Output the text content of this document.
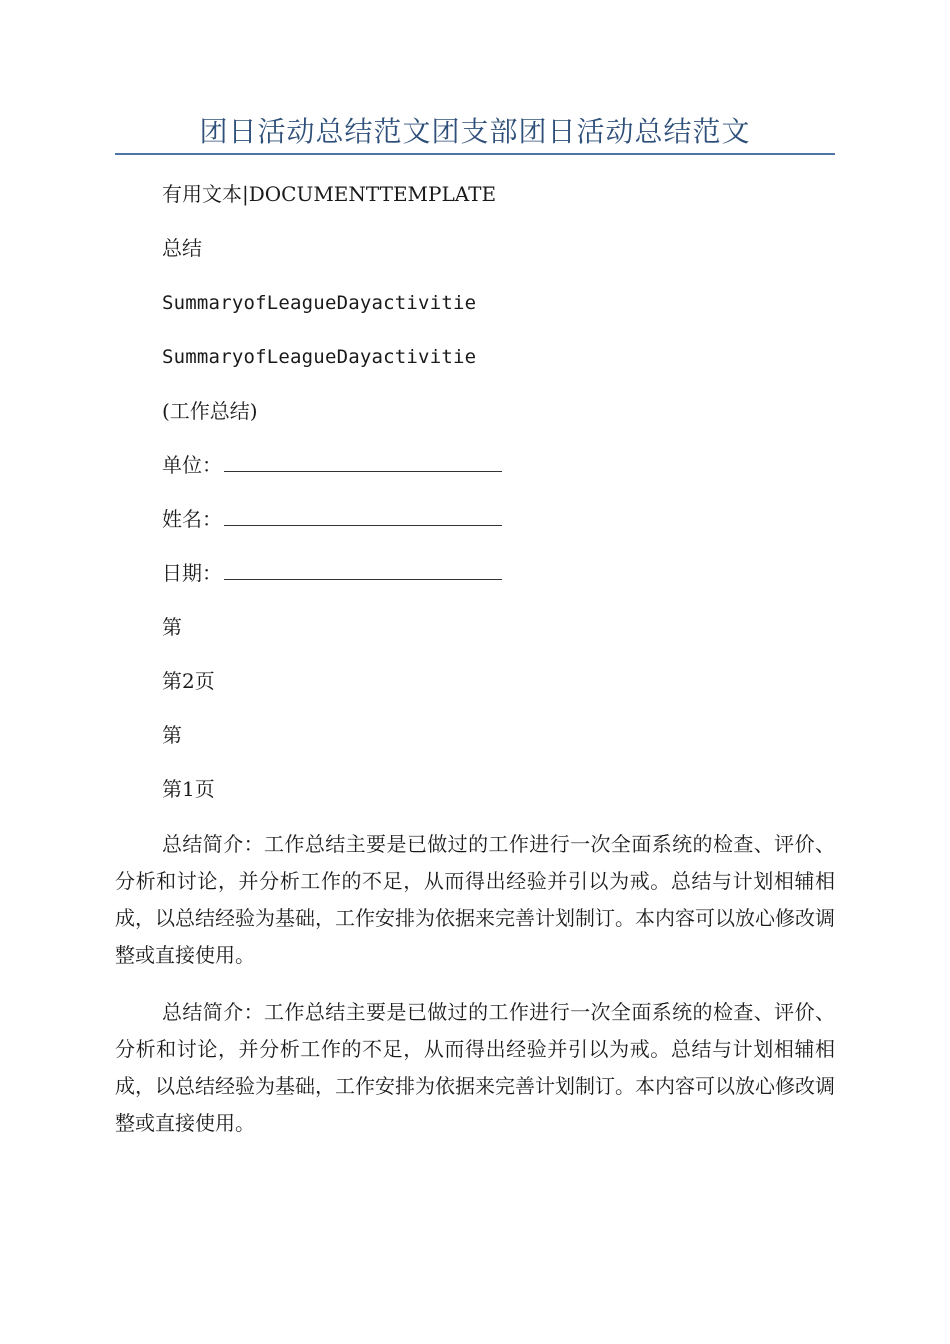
团日活动总结范文团支部团日活动总结范文
有用文本|DOCUMENTTEMPLATE
总结
SummaryofLeagueDayactivitie
SummaryofLeagueDayactivitie
(工作总结)
单位：
姓名：
日期：
第
第2页
第
第1页

总结简介：工作总结主要是已做过的工作进行一次全面系统的检查、评价、分析和讨论，并分析工作的不足，从而得出经验并引以为戒。总结与计划相辅相成，以总结经验为基础，工作安排为依据来完善计划制订。本内容可以放心修改调整或直接使用。

总结简介：工作总结主要是已做过的工作进行一次全面系统的检查、评价、分析和讨论，并分析工作的不足，从而得出经验并引以为戒。总结与计划相辅相成，以总结经验为基础，工作安排为依据来完善计划制订。本内容可以放心修改调整或直接使用。
